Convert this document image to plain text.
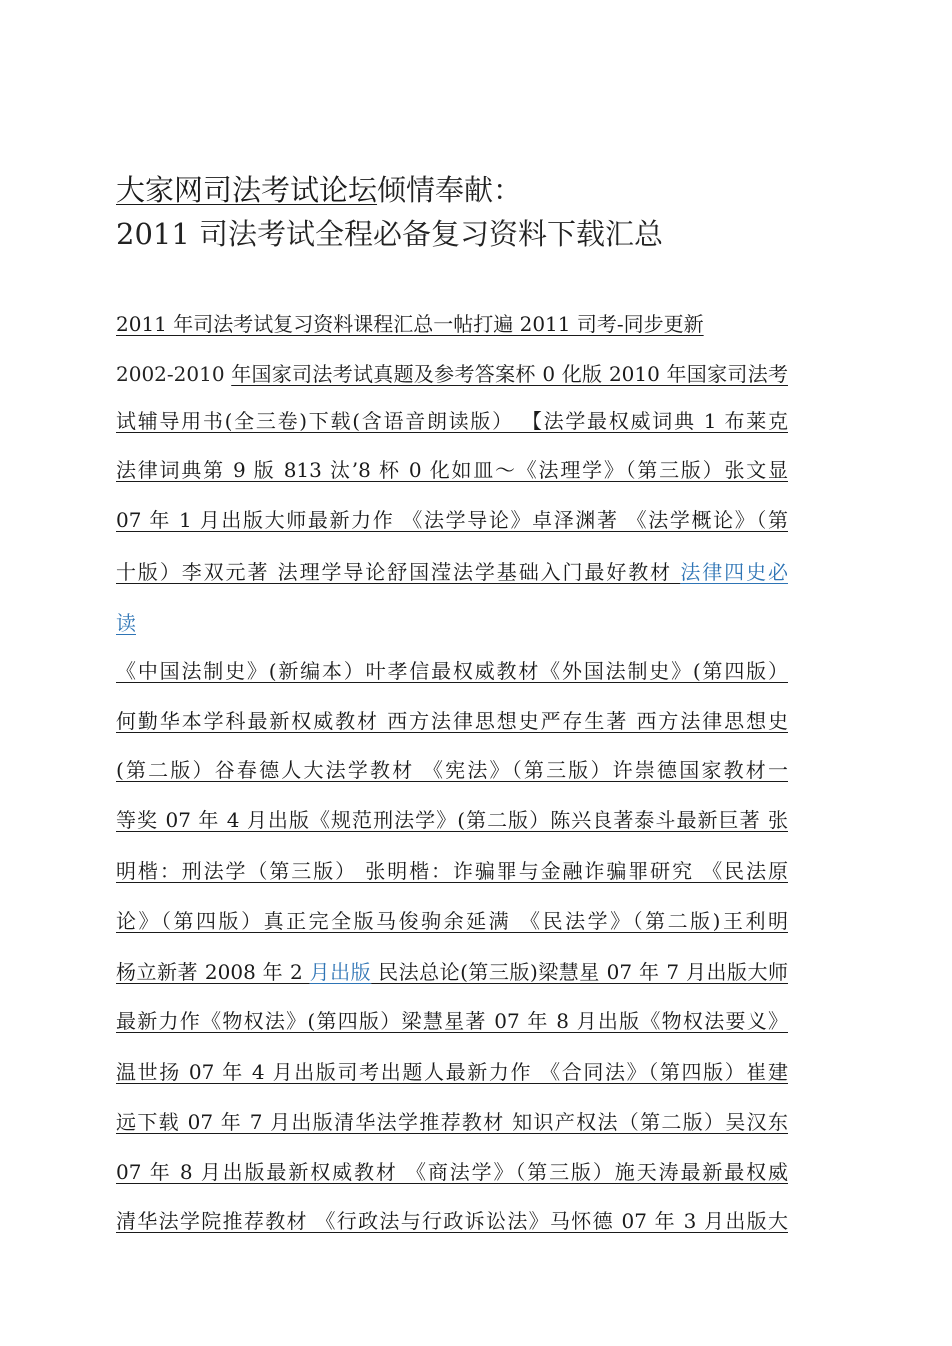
大家网司法考试论坛倾情奉献：
2011 司法考试全程必备复习资料下载汇总
2011 年司法考试复习资料课程汇总一帖打遍 2011 司考-同步更新
2002-2010 年国家司法考试真题及参考答案杯 0 化版 2010 年国家司法考
试辅导用书(全三卷)下载(含语音朗读版） 【法学最权威词典 1 布莱克
法律词典第 9 版 813 汰’8 杯 0 化如皿～《法理学》（第三版）张文显
07 年 1 月出版大师最新力作 《法学导论》卓泽渊著 《法学概论》（第
十版）李双元著 法理学导论舒国滢法学基础入门最好教材 法律四史必
读
《中国法制史》(新编本）叶孝信最权威教材《外国法制史》(第四版）
何勤华本学科最新权威教材 西方法律思想史严存生著 西方法律思想史
(第二版）谷春德人大法学教材 《宪法》（第三版）许崇德国家教材一
等奖 07 年 4 月出版《规范刑法学》(第二版）陈兴良著泰斗最新巨著 张
明楷：刑法学（第三版） 张明楷：诈骗罪与金融诈骗罪研究 《民法原
论》（第四版）真正完全版马俊驹余延满 《民法学》（第二版)王利明
杨立新著 2008 年 2 月出版 民法总论(第三版)梁慧星 07 年 7 月出版大师
最新力作《物权法》(第四版）梁慧星著 07 年 8 月出版《物权法要义》
温世扬 07 年 4 月出版司考出题人最新力作 《合同法》（第四版）崔建
远下载 07 年 7 月出版清华法学推荐教材 知识产权法（第二版）吴汉东
07 年 8 月出版最新权威教材 《商法学》（第三版）施天涛最新最权威
清华法学院推荐教材 《行政法与行政诉讼法》马怀德 07 年 3 月出版大
